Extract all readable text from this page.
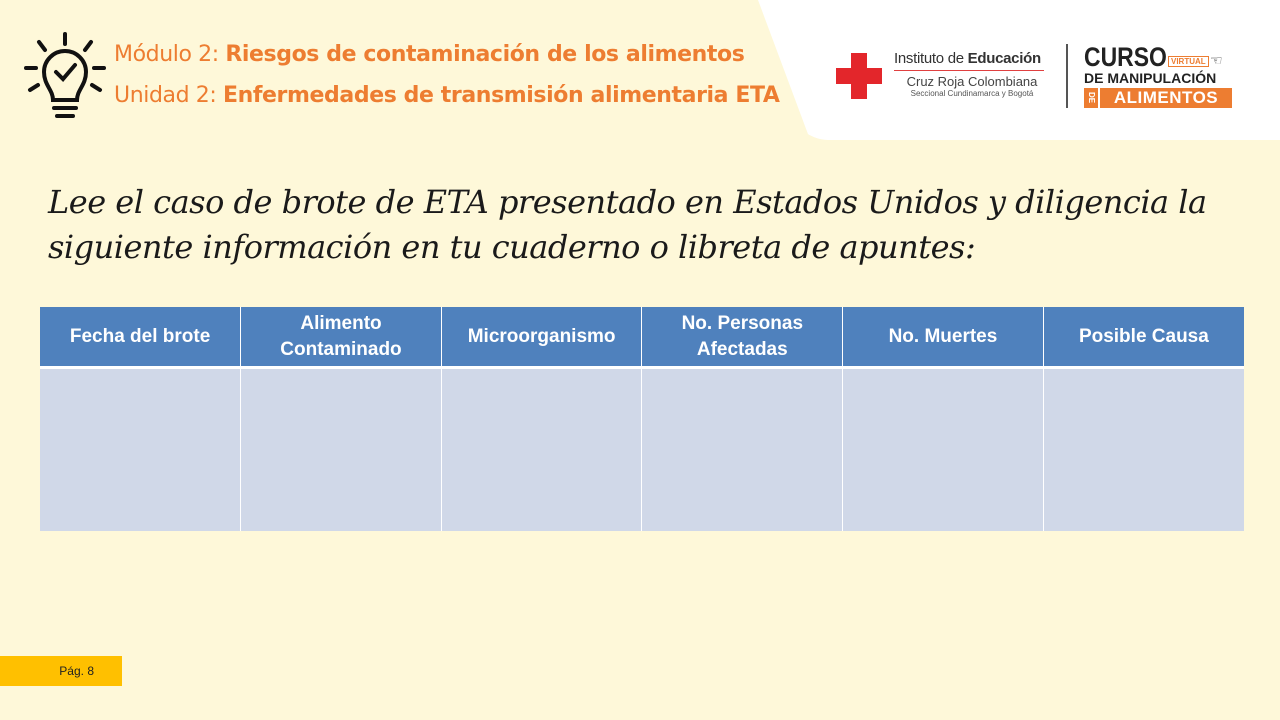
Módulo 2: Riesgos de contaminación de los alimentos
Unidad 2: Enfermedades de transmisión alimentaria ETA
Instituto de Educación
Cruz Roja Colombiana
Seccional Cundinamarca y Bogotá
CURSO VIRTUAL ☜
DE MANIPULACIÓN
DE	ALIMENTOS
Lee el caso de brote de ETA presentado en Estados Unidos y diligencia la siguiente información en tu cuaderno o libreta de apuntes:
Fecha del brote	Alimento Contaminado	Microorganismo	No. Personas Afectadas	No. Muertes	Posible Causa

Pág. 8
